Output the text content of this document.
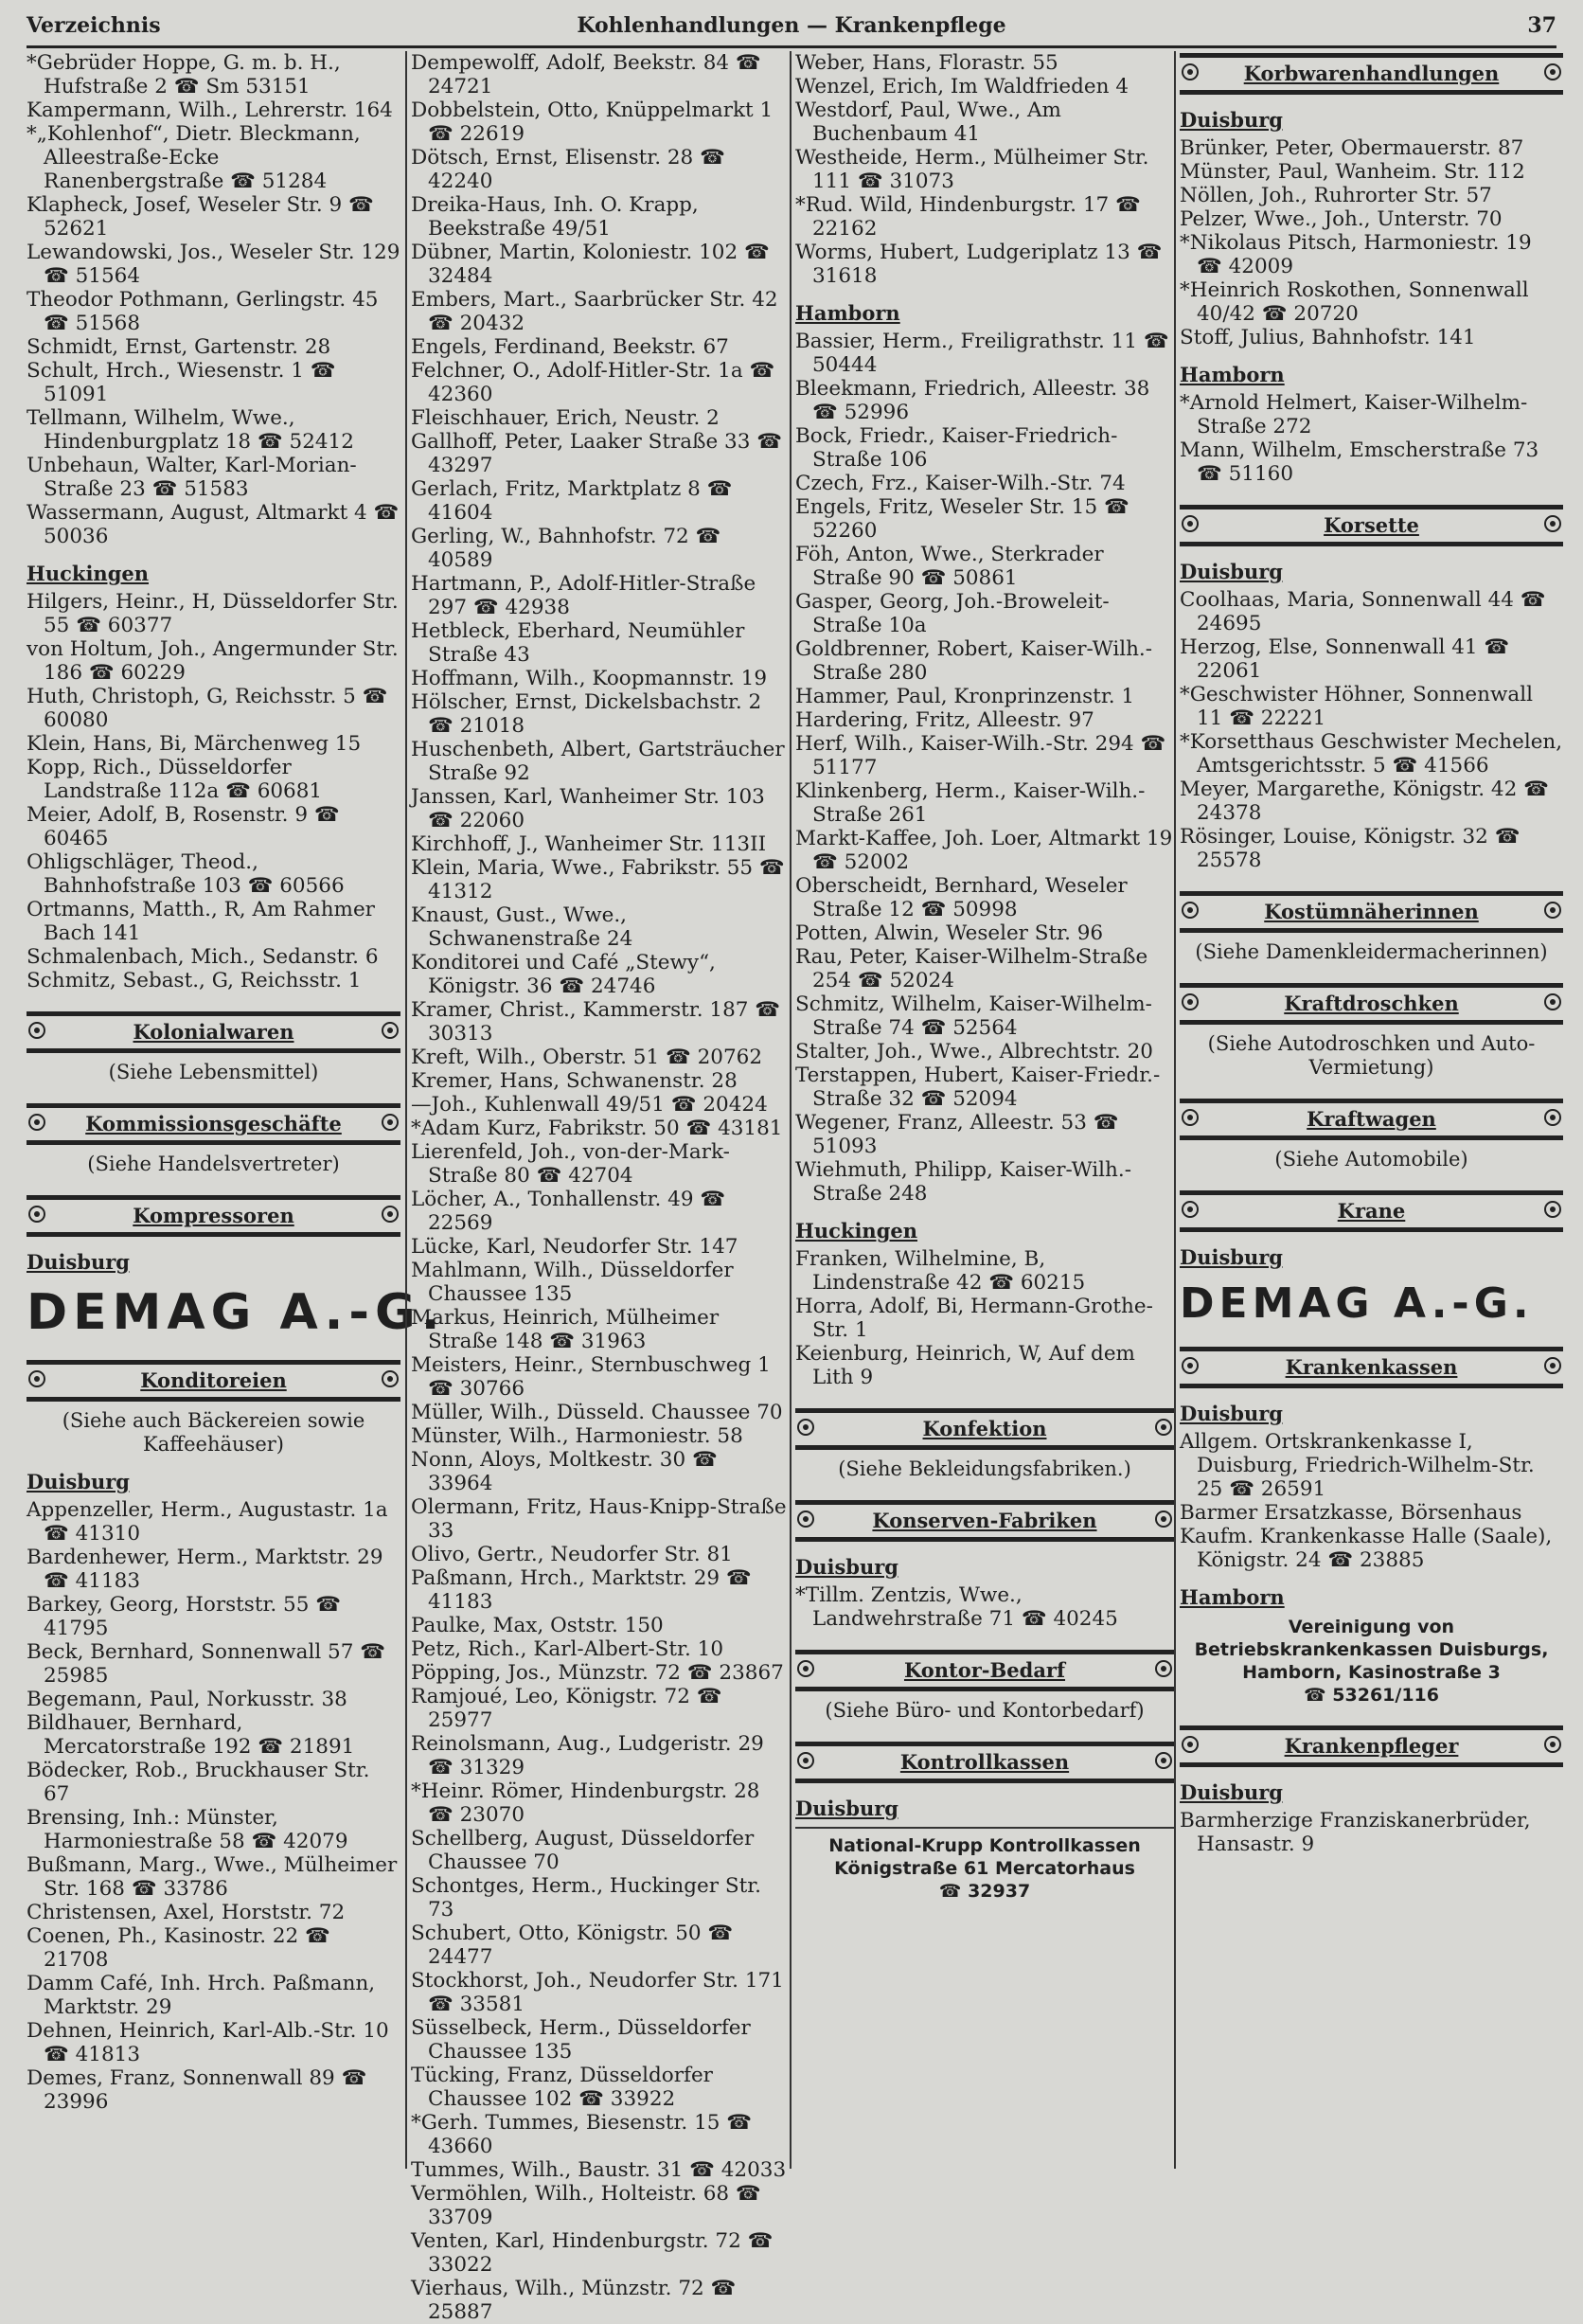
Verzeichnis	Kohlenhandlungen — Krankenpflege	37
*Gebrüder Hoppe, G. m. b. H., Hufstraße 2 ☎ Sm 53151
Kampermann, Wilh., Lehrerstr. 164
*„Kohlenhof“, Dietr. Bleckmann, Alleestraße-Ecke Ranenbergstraße ☎ 51284
Klapheck, Josef, Weseler Str. 9 ☎ 52621
Lewandowski, Jos., Weseler Str. 129 ☎ 51564
Theodor Pothmann, Gerlingstr. 45 ☎ 51568
Schmidt, Ernst, Gartenstr. 28
Schult, Hrch., Wiesenstr. 1 ☎ 51091
Tellmann, Wilhelm, Wwe., Hindenburgplatz 18 ☎ 52412
Unbehaun, Walter, Karl-Morian-Straße 23 ☎ 51583
Wassermann, August, Altmarkt 4 ☎ 50036
Huckingen
Hilgers, Heinr., H, Düsseldorfer Str. 55 ☎ 60377
von Holtum, Joh., Angermunder Str. 186 ☎ 60229
Huth, Christoph, G, Reichsstr. 5 ☎ 60080
Klein, Hans, Bi, Märchenweg 15
Kopp, Rich., Düsseldorfer Landstraße 112a ☎ 60681
Meier, Adolf, B, Rosenstr. 9 ☎ 60465
Ohligschläger, Theod., Bahnhofstraße 103 ☎ 60566
Ortmanns, Matth., R, Am Rahmer Bach 141
Schmalenbach, Mich., Sedanstr. 6
Schmitz, Sebast., G, Reichsstr. 1
Kolonialwaren
(Siehe Lebensmittel)
Kommissionsgeschäfte
(Siehe Handelsvertreter)
Kompressoren
Duisburg
DEMAG A.-G.
Konditoreien
(Siehe auch Bäckereien sowie Kaffeehäuser)
Duisburg
Appenzeller, Herm., Augustastr. 1a ☎ 41310
Bardenhewer, Herm., Marktstr. 29 ☎ 41183
Barkey, Georg, Horststr. 55 ☎ 41795
Beck, Bernhard, Sonnenwall 57 ☎ 25985
Begemann, Paul, Norkusstr. 38
Bildhauer, Bernhard, Mercatorstraße 192 ☎ 21891
Bödecker, Rob., Bruckhauser Str. 67
Brensing, Inh.: Münster, Harmoniestraße 58 ☎ 42079
Bußmann, Marg., Wwe., Mülheimer Str. 168 ☎ 33786
Christensen, Axel, Horststr. 72
Coenen, Ph., Kasinostr. 22 ☎ 21708
Damm Café, Inh. Hrch. Paßmann, Marktstr. 29
Dehnen, Heinrich, Karl-Alb.-Str. 10 ☎ 41813
Demes, Franz, Sonnenwall 89 ☎ 23996
Dempewolff, Adolf, Beekstr. 84 ☎ 24721
Dobbelstein, Otto, Knüppelmarkt 1 ☎ 22619
Dötsch, Ernst, Elisenstr. 28 ☎ 42240
Dreika-Haus, Inh. O. Krapp, Beekstraße 49/51
Dübner, Martin, Koloniestr. 102 ☎ 32484
Embers, Mart., Saarbrücker Str. 42 ☎ 20432
Engels, Ferdinand, Beekstr. 67
Felchner, O., Adolf-Hitler-Str. 1a ☎ 42360
Fleischhauer, Erich, Neustr. 2
Gallhoff, Peter, Laaker Straße 33 ☎ 43297
Gerlach, Fritz, Marktplatz 8 ☎ 41604
Gerling, W., Bahnhofstr. 72 ☎ 40589
Hartmann, P., Adolf-Hitler-Straße 297 ☎ 42938
Hetbleck, Eberhard, Neumühler Straße 43
Hoffmann, Wilh., Koopmannstr. 19
Hölscher, Ernst, Dickelsbachstr. 2 ☎ 21018
Huschenbeth, Albert, Gartsträucher Straße 92
Janssen, Karl, Wanheimer Str. 103 ☎ 22060
Kirchhoff, J., Wanheimer Str. 113II
Klein, Maria, Wwe., Fabrikstr. 55 ☎ 41312
Knaust, Gust., Wwe., Schwanenstraße 24
Konditorei und Café „Stewy“, Königstr. 36 ☎ 24746
Kramer, Christ., Kammerstr. 187 ☎ 30313
Kreft, Wilh., Oberstr. 51 ☎ 20762
Kremer, Hans, Schwanenstr. 28
—Joh., Kuhlenwall 49/51 ☎ 20424
*Adam Kurz, Fabrikstr. 50 ☎ 43181
Lierenfeld, Joh., von-der-Mark-Straße 80 ☎ 42704
Löcher, A., Tonhallenstr. 49 ☎ 22569
Lücke, Karl, Neudorfer Str. 147
Mahlmann, Wilh., Düsseldorfer Chaussee 135
Markus, Heinrich, Mülheimer Straße 148 ☎ 31963
Meisters, Heinr., Sternbuschweg 1 ☎ 30766
Müller, Wilh., Düsseld. Chaussee 70
Münster, Wilh., Harmoniestr. 58
Nonn, Aloys, Moltkestr. 30 ☎ 33964
Olermann, Fritz, Haus-Knipp-Straße 33
Olivo, Gertr., Neudorfer Str. 81
Paßmann, Hrch., Marktstr. 29 ☎ 41183
Paulke, Max, Oststr. 150
Petz, Rich., Karl-Albert-Str. 10
Pöpping, Jos., Münzstr. 72 ☎ 23867
Ramjoué, Leo, Königstr. 72 ☎ 25977
Reinolsmann, Aug., Ludgeristr. 29 ☎ 31329
*Heinr. Römer, Hindenburgstr. 28 ☎ 23070
Schellberg, August, Düsseldorfer Chaussee 70
Schontges, Herm., Huckinger Str. 73
Schubert, Otto, Königstr. 50 ☎ 24477
Stockhorst, Joh., Neudorfer Str. 171 ☎ 33581
Süsselbeck, Herm., Düsseldorfer Chaussee 135
Tücking, Franz, Düsseldorfer Chaussee 102 ☎ 33922
*Gerh. Tummes, Biesenstr. 15 ☎ 43660
Tummes, Wilh., Baustr. 31 ☎ 42033
Vermöhlen, Wilh., Holteistr. 68 ☎ 33709
Venten, Karl, Hindenburgstr. 72 ☎ 33022
Vierhaus, Wilh., Münzstr. 72 ☎ 25887
Weber, Hans, Florastr. 55
Wenzel, Erich, Im Waldfrieden 4
Westdorf, Paul, Wwe., Am Buchenbaum 41
Westheide, Herm., Mülheimer Str. 111 ☎ 31073
*Rud. Wild, Hindenburgstr. 17 ☎ 22162
Worms, Hubert, Ludgeriplatz 13 ☎ 31618
Hamborn
Bassier, Herm., Freiligrathstr. 11 ☎ 50444
Bleekmann, Friedrich, Alleestr. 38 ☎ 52996
Bock, Friedr., Kaiser-Friedrich-Straße 106
Czech, Frz., Kaiser-Wilh.-Str. 74
Engels, Fritz, Weseler Str. 15 ☎ 52260
Föh, Anton, Wwe., Sterkrader Straße 90 ☎ 50861
Gasper, Georg, Joh.-Broweleit-Straße 10a
Goldbrenner, Robert, Kaiser-Wilh.-Straße 280
Hammer, Paul, Kronprinzenstr. 1
Hardering, Fritz, Alleestr. 97
Herf, Wilh., Kaiser-Wilh.-Str. 294 ☎ 51177
Klinkenberg, Herm., Kaiser-Wilh.-Straße 261
Markt-Kaffee, Joh. Loer, Altmarkt 19 ☎ 52002
Oberscheidt, Bernhard, Weseler Straße 12 ☎ 50998
Potten, Alwin, Weseler Str. 96
Rau, Peter, Kaiser-Wilhelm-Straße 254 ☎ 52024
Schmitz, Wilhelm, Kaiser-Wilhelm-Straße 74 ☎ 52564
Stalter, Joh., Wwe., Albrechtstr. 20
Terstappen, Hubert, Kaiser-Friedr.-Straße 32 ☎ 52094
Wegener, Franz, Alleestr. 53 ☎ 51093
Wiehmuth, Philipp, Kaiser-Wilh.-Straße 248
Huckingen
Franken, Wilhelmine, B, Lindenstraße 42 ☎ 60215
Horra, Adolf, Bi, Hermann-Grothe-Str. 1
Keienburg, Heinrich, W, Auf dem Lith 9
Konfektion
(Siehe Bekleidungsfabriken.)
Konserven-Fabriken
Duisburg
*Tillm. Zentzis, Wwe., Landwehrstraße 71 ☎ 40245
Kontor-Bedarf
(Siehe Büro- und Kontorbedarf)
Kontrollkassen
Duisburg
National-Krupp Kontrollkassen
Königstraße 61 Mercatorhaus
☎ 32937
Korbwarenhandlungen
Duisburg
Brünker, Peter, Obermauerstr. 87
Münster, Paul, Wanheim. Str. 112
Nöllen, Joh., Ruhrorter Str. 57
Pelzer, Wwe., Joh., Unterstr. 70
*Nikolaus Pitsch, Harmoniestr. 19 ☎ 42009
*Heinrich Roskothen, Sonnenwall 40/42 ☎ 20720
Stoff, Julius, Bahnhofstr. 141
Hamborn
*Arnold Helmert, Kaiser-Wilhelm-Straße 272
Mann, Wilhelm, Emscherstraße 73 ☎ 51160
Korsette
Duisburg
Coolhaas, Maria, Sonnenwall 44 ☎ 24695
Herzog, Else, Sonnenwall 41 ☎ 22061
*Geschwister Höhner, Sonnenwall 11 ☎ 22221
*Korsetthaus Geschwister Mechelen, Amtsgerichtsstr. 5 ☎ 41566
Meyer, Margarethe, Königstr. 42 ☎ 24378
Rösinger, Louise, Königstr. 32 ☎ 25578
Kostümnäherinnen
(Siehe Damenkleidermacherinnen)
Kraftdroschken
(Siehe Autodroschken und Auto-Vermietung)
Kraftwagen
(Siehe Automobile)
Krane
Duisburg
DEMAG A.-G.
Krankenkassen
Duisburg
Allgem. Ortskrankenkasse I, Duisburg, Friedrich-Wilhelm-Str. 25 ☎ 26591
Barmer Ersatzkasse, Börsenhaus
Kaufm. Krankenkasse Halle (Saale), Königstr. 24 ☎ 23885
Hamborn
Vereinigung von Betriebskrankenkassen Duisburgs,
Hamborn, Kasinostraße 3
☎ 53261/116
Krankenpfleger
Duisburg
Barmherzige Franziskanerbrüder, Hansastr. 9
